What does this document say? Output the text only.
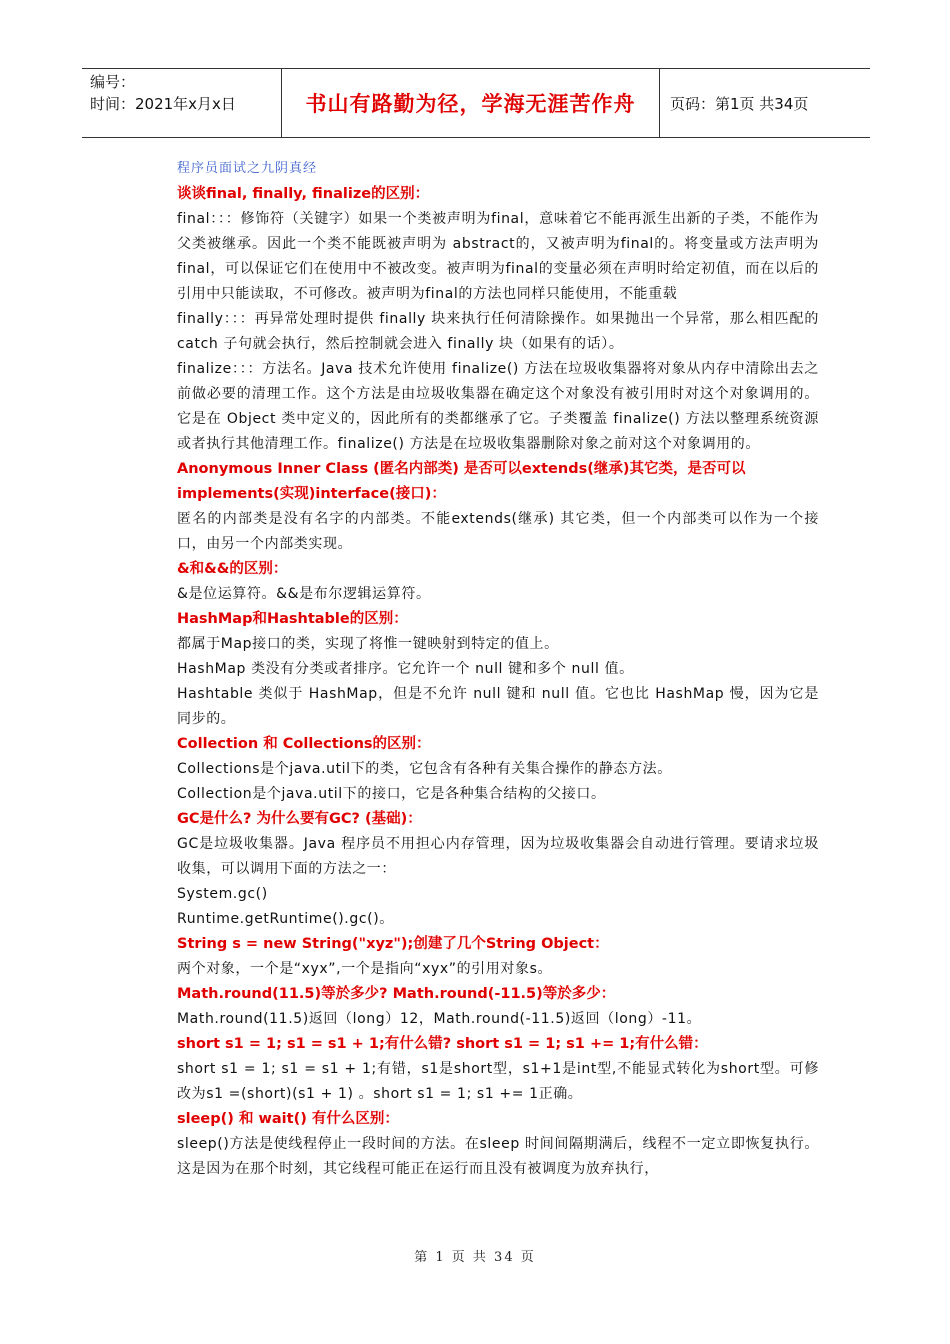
编号：
时间：2021年x月x日	书山有路勤为径，学海无涯苦作舟	页码：第1页 共34页
程序员面试之九阴真经
谈谈final, finally, finalize的区别：
final：：：修饰符（关键字）如果一个类被声明为final，意味着它不能再派生出新的子类，不能作为父类被继承。因此一个类不能既被声明为 abstract的，又被声明为final的。将变量或方法声明为final，可以保证它们在使用中不被改变。被声明为final的变量必须在声明时给定初值，而在以后的引用中只能读取，不可修改。被声明为final的方法也同样只能使用，不能重载
finally：：：再异常处理时提供 finally 块来执行任何清除操作。如果抛出一个异常，那么相匹配的 catch 子句就会执行，然后控制就会进入 finally 块（如果有的话）。
finalize：：：方法名。Java 技术允许使用 finalize() 方法在垃圾收集器将对象从内存中清除出去之前做必要的清理工作。这个方法是由垃圾收集器在确定这个对象没有被引用时对这个对象调用的。它是在 Object 类中定义的，因此所有的类都继承了它。子类覆盖 finalize() 方法以整理系统资源或者执行其他清理工作。finalize() 方法是在垃圾收集器删除对象之前对这个对象调用的。
Anonymous Inner Class (匿名内部类) 是否可以extends(继承)其它类，是否可以implements(实现)interface(接口)：
匿名的内部类是没有名字的内部类。不能extends(继承) 其它类，但一个内部类可以作为一个接口，由另一个内部类实现。
&和&&的区别：
&是位运算符。&&是布尔逻辑运算符。
HashMap和Hashtable的区别：
都属于Map接口的类，实现了将惟一键映射到特定的值上。
HashMap 类没有分类或者排序。它允许一个 null 键和多个 null 值。
Hashtable 类似于 HashMap，但是不允许 null 键和 null 值。它也比 HashMap 慢，因为它是同步的。
Collection 和 Collections的区别：
Collections是个java.util下的类，它包含有各种有关集合操作的静态方法。
Collection是个java.util下的接口，它是各种集合结构的父接口。
GC是什么? 为什么要有GC? (基础)：
GC是垃圾收集器。Java 程序员不用担心内存管理，因为垃圾收集器会自动进行管理。要请求垃圾收集，可以调用下面的方法之一：
System.gc()
Runtime.getRuntime().gc()。
String s = new String("xyz");创建了几个String Object：
两个对象，一个是“xyx”,一个是指向“xyx”的引用对象s。
Math.round(11.5)等於多少? Math.round(-11.5)等於多少：
Math.round(11.5)返回（long）12，Math.round(-11.5)返回（long）-11。
short s1 = 1; s1 = s1 + 1;有什么错? short s1 = 1; s1 += 1;有什么错：
short s1 = 1; s1 = s1 + 1;有错，s1是short型，s1+1是int型,不能显式转化为short型。可修改为s1 =(short)(s1 + 1) 。short s1 = 1; s1 += 1正确。
sleep() 和 wait() 有什么区别：
sleep()方法是使线程停止一段时间的方法。在sleep 时间间隔期满后，线程不一定立即恢复执行。这是因为在那个时刻，其它线程可能正在运行而且没有被调度为放弃执行，
第 1 页 共 34 页
